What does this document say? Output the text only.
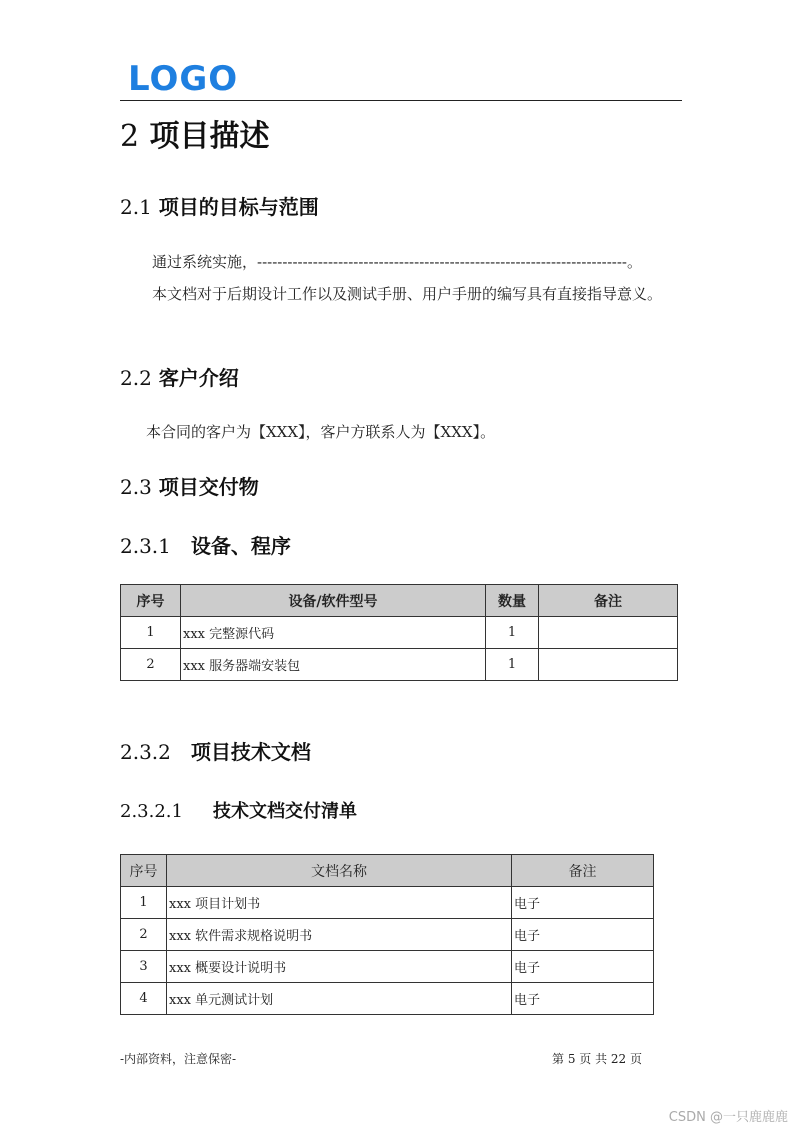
LOGO
2 项目描述
2.1 项目的目标与范围
通过系统实施，-------------------------------------------------------------------------。
本文档对于后期设计工作以及测试手册、用户手册的编写具有直接指导意义。
2.2 客户介绍
本合同的客户为【XXX】，客户方联系人为【XXX】。
2.3 项目交付物
2.3.1 设备、程序
序号	设备/软件型号	数量	备注
1	xxx 完整源代码	1	
2	xxx 服务器端安装包	1	
2.3.2 项目技术文档
2.3.2.1 技术文档交付清单
序号	文档名称	备注
1	xxx 项目计划书	电子
2	xxx 软件需求规格说明书	电子
3	xxx 概要设计说明书	电子
4	xxx 单元测试计划	电子
-内部资料，注意保密-	第 5 页 共 22 页
CSDN @一只鹿鹿鹿
